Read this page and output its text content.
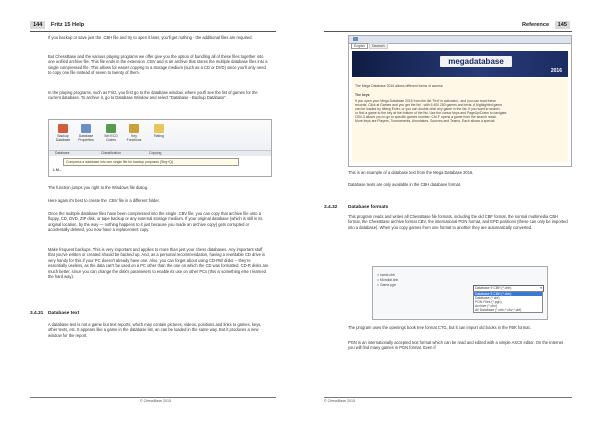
144 Fritz 15 Help

If you backup or save just the .CBH file and try to open it later, you'll get nothing - the additional files are required.

But ChessBase and the various playing programs we offer give you the option of bundling all of these files together into one unified archive file. This file ends in the extension .CBV and is an archive that stores the multiple database files into a single compressed file. This allows for easier copying to a storage medium (such as a CD or DVD) since you'll only need to copy one file instead of seven to twenty of them.

In the playing programs, such as Fritz, you first go to the database window, where you'll see the list of games for the current database. To archive it, go to Database Window and select "Database - Backup Database".

Backup Database
Database Properties
Set ECO Codes
Key Functions
Rating
Database	Classification	Copying
Compress a database into one single file for backup purposes (Strg+Q)
L M...

The function jumps you right to the Windows file dialog.

Here again it's best to create the .CBV file in a different folder.

Once the multiple database files have been compressed into the single .CBV file, you can copy that archive file onto a floppy, CD, DVD, ZIP disk, or tape backup or any external storage medium. If your original database (which is still in its original location, by the way — nothing happens to it just because you made an archive copy) gets corrupted or accidentally deleted, you now have a replacement copy.

Make frequent backups. This is very important and applies to more than just your chess databases. Any important stuff that you've written or created should be backed up. And, as a personal recommendation, having a rewritable CD drive is very handy for this if your PC doesn't already have one. Also, you can forget about using CD-RW disks -- they're essentially useless, as the data can't be used on a PC other than the one on which the CD was formatted. CD-R disks are much better, since you can change the disk's parameters to enable its use on other PCs (this is something else I learned the hard way).

3.4.31 Database text

A database text is not a game but text reports, which may contain pictures, videos, positions and links to games, keys, other texts, etc. It appears like a game in the database list, an can be loaded in the same way. But it produces a new window for the report.

© ChessBase 2015
Reference 145
English Deutsch
megadatabase
2016
The Mega Database 2016 allows different forms of access:
The keys
If you open your Mega Database 2016 from the list 'Text' is activated - and you can read these
records. Click at Games and you get the list - with 6 400 250 games and texts. A highlighted game
can be loaded by hitting Enter, or you can double-click any game in the list. If you want to search
or find a game to the key at the bottom of the list. Use the cursor keys and PageUp/Down to navigate.
CBV-3 allows you to go to specific games number: Ctrl-F opens a game from the search mask.
More keys are Players, Tournaments, Annotators, Sources and Teams. Each allows a special

This is an example of a database text from the Mega Database 2016.

Database texts are only available in the CBH database format.

3.4.32 Database formats

This program reads and writes all ChessBase file formats, including the old CBF format, the normal multimedia CBH format, the ChessBase archive format CBV, the international PGN format, and EPD positions (these can only be imported into a database). When you copy games from one format to another they are automatically converted.

□ name.cbh
□ Mondial.cbh
□ Game.pgn
Database 9 CBH (*.cbh)	▾
Database 9 CBH (*.cbh)
Database (*.cbf)
PGN Files (*.pgn)
Archive (*.cbv)
All Database (*.cbh;*.cbv;*.cbf)

The program uses the openings book tree format CTG, but it can import old books in the FBK format.

PGN is an internationally accepted text format which can be read and edited with a simple ASCII editor. On the Internet you will find many games in PGN format. Even if

© ChessBase 2015
